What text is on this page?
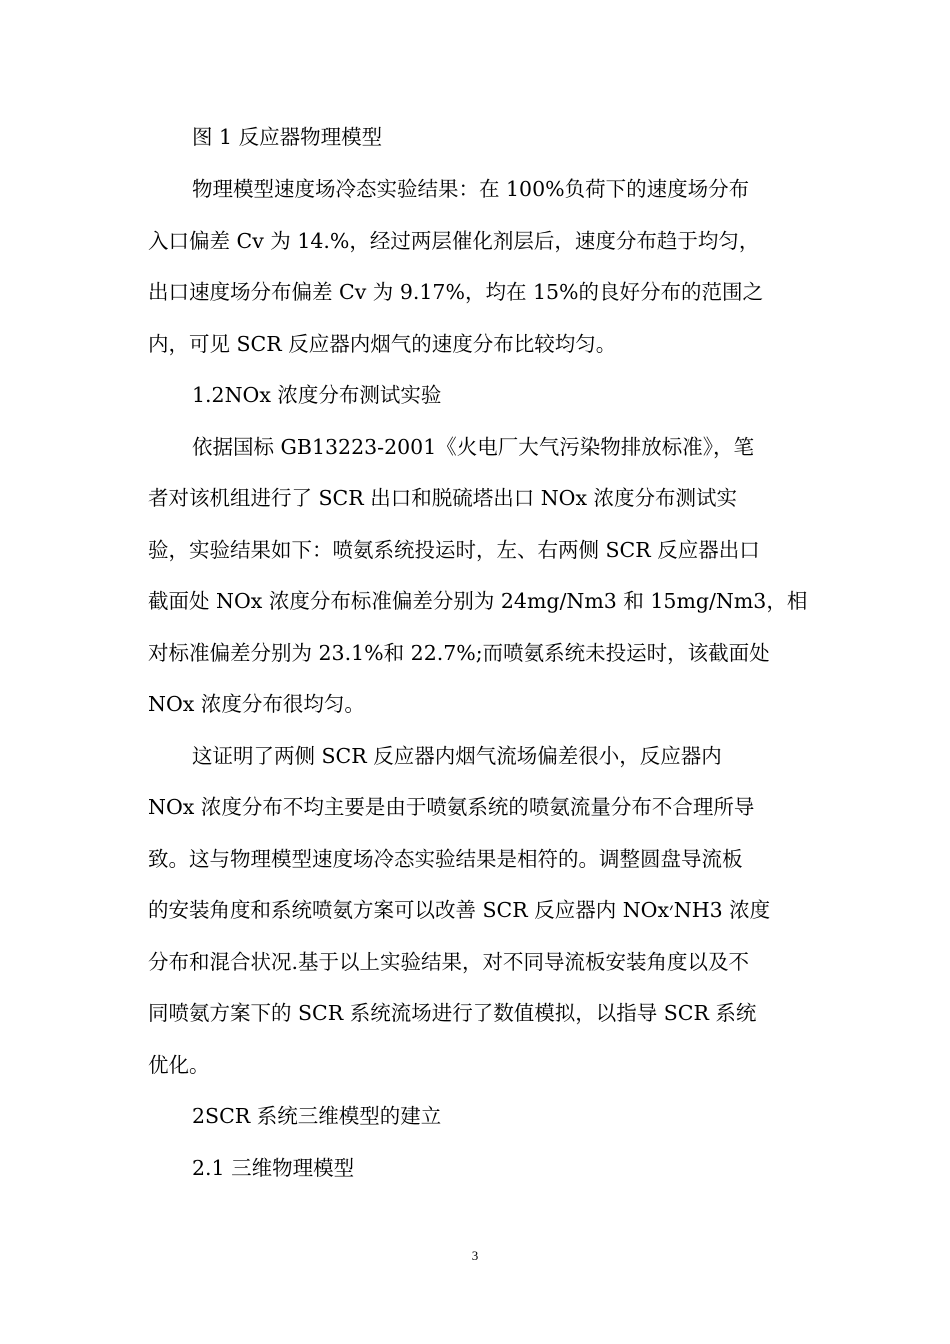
图 1 反应器物理模型
物理模型速度场冷态实验结果：在 100%负荷下的速度场分布
入口偏差 Cv 为 14.%，经过两层催化剂层后，速度分布趋于均匀，
出口速度场分布偏差 Cv 为 9.17%，均在 15%的良好分布的范围之
内，可见 SCR 反应器内烟气的速度分布比较均匀。
1.2NOx 浓度分布测试实验
依据国标 GB13223-2001《火电厂大气污染物排放标准》，笔
者对该机组进行了 SCR 出口和脱硫塔出口 NOx 浓度分布测试实
验，实验结果如下：喷氨系统投运时，左、右两侧 SCR 反应器出口
截面处 NOx 浓度分布标准偏差分别为 24mg/Nm3 和 15mg/Nm3，相
对标准偏差分别为 23.1%和 22.7%;而喷氨系统未投运时，该截面处
NOx 浓度分布很均匀。
这证明了两侧 SCR 反应器内烟气流场偏差很小，反应器内
NOx 浓度分布不均主要是由于喷氨系统的喷氨流量分布不合理所导
致。这与物理模型速度场冷态实验结果是相符的。调整圆盘导流板
的安装角度和系统喷氨方案可以改善 SCR 反应器内 NOx׳NH3 浓度
分布和混合状况.基于以上实验结果，对不同导流板安装角度以及不
同喷氨方案下的 SCR 系统流场进行了数值模拟，以指导 SCR 系统
优化。
2SCR 系统三维模型的建立
2.1 三维物理模型
3
